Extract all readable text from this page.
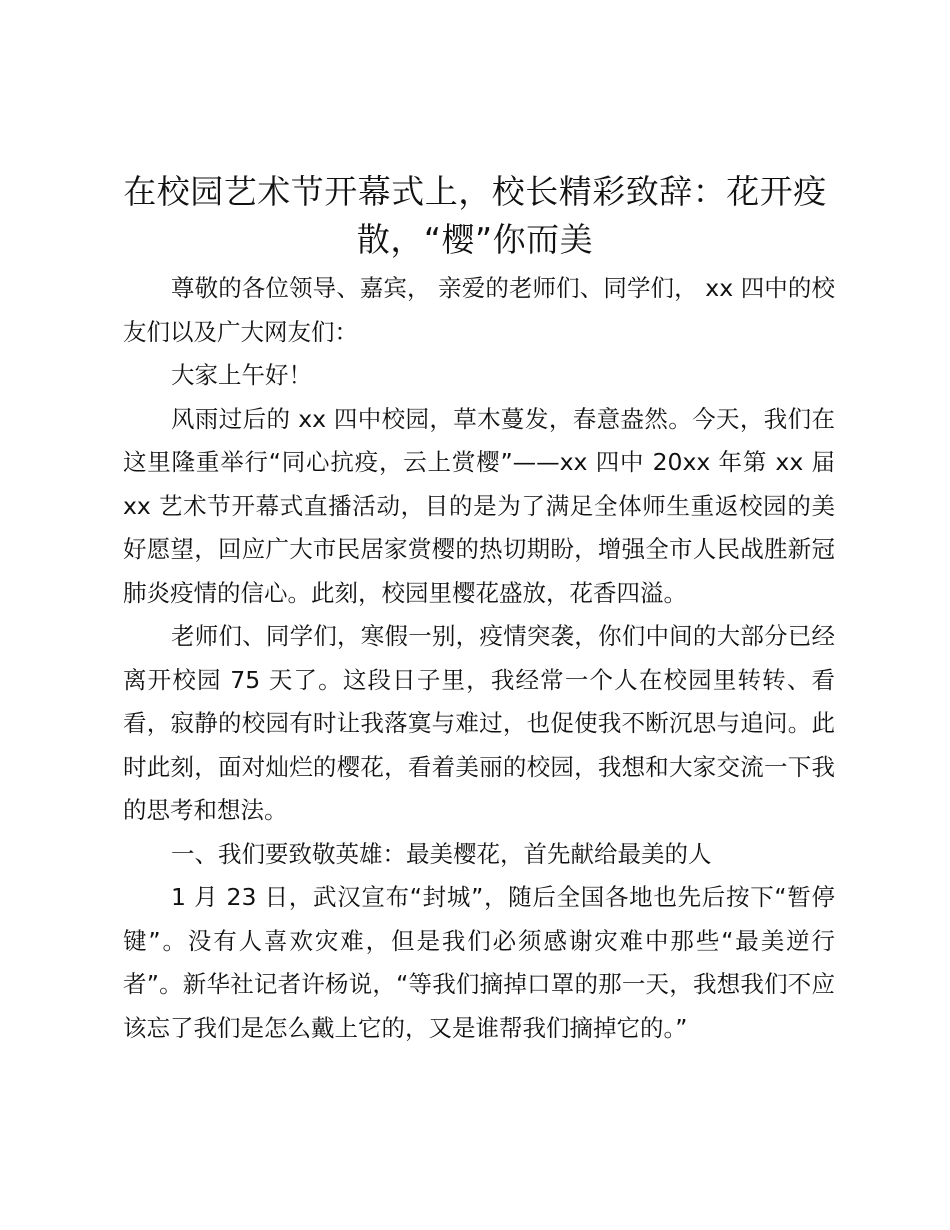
在校园艺术节开幕式上，校长精彩致辞：花开疫散，“樱”你而美

尊敬的各位领导、嘉宾， 亲爱的老师们、同学们， xx 四中的校友们以及广大网友们：

大家上午好！

风雨过后的 xx 四中校园，草木蔓发，春意盎然。今天，我们在这里隆重举行“同心抗疫，云上赏樱”——xx 四中 20xx 年第 xx 届 xx 艺术节开幕式直播活动，目的是为了满足全体师生重返校园的美好愿望，回应广大市民居家赏樱的热切期盼，增强全市人民战胜新冠肺炎疫情的信心。此刻，校园里樱花盛放，花香四溢。

老师们、同学们，寒假一别，疫情突袭，你们中间的大部分已经离开校园 75 天了。这段日子里，我经常一个人在校园里转转、看看，寂静的校园有时让我落寞与难过，也促使我不断沉思与追问。此时此刻，面对灿烂的樱花，看着美丽的校园，我想和大家交流一下我的思考和想法。

一、我们要致敬英雄：最美樱花，首先献给最美的人

1 月 23 日，武汉宣布“封城”，随后全国各地也先后按下“暂停键”。没有人喜欢灾难，但是我们必须感谢灾难中那些“最美逆行者”。新华社记者许杨说，“等我们摘掉口罩的那一天，我想我们不应该忘了我们是怎么戴上它的，又是谁帮我们摘掉它的。”
